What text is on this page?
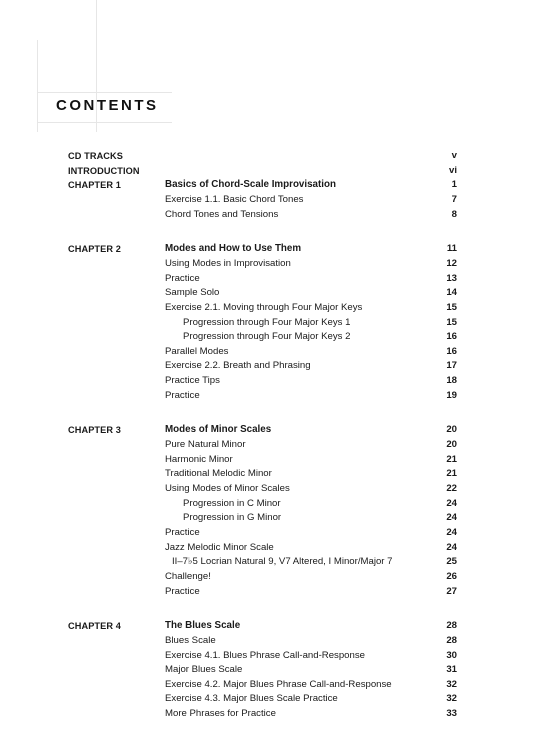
CONTENTS
CD TRACKS	v
INTRODUCTION	vi
CHAPTER 1	Basics of Chord-Scale Improvisation	1
Exercise 1.1. Basic Chord Tones	7
Chord Tones and Tensions	8
CHAPTER 2	Modes and How to Use Them	11
Using Modes in Improvisation	12
Practice	13
Sample Solo	14
Exercise 2.1. Moving through Four Major Keys	15
Progression through Four Major Keys 1	15
Progression through Four Major Keys 2	16
Parallel Modes	16
Exercise 2.2. Breath and Phrasing	17
Practice Tips	18
Practice	19
CHAPTER 3	Modes of Minor Scales	20
Pure Natural Minor	20
Harmonic Minor	21
Traditional Melodic Minor	21
Using Modes of Minor Scales	22
Progression in C Minor	24
Progression in G Minor	24
Practice	24
Jazz Melodic Minor Scale	24
II–7♭5 Locrian Natural 9, V7 Altered, I Minor/Major 7	25
Challenge!	26
Practice	27
CHAPTER 4	The Blues Scale	28
Blues Scale	28
Exercise 4.1. Blues Phrase Call-and-Response	30
Major Blues Scale	31
Exercise 4.2. Major Blues Phrase Call-and-Response	32
Exercise 4.3. Major Blues Scale Practice	32
More Phrases for Practice	33
